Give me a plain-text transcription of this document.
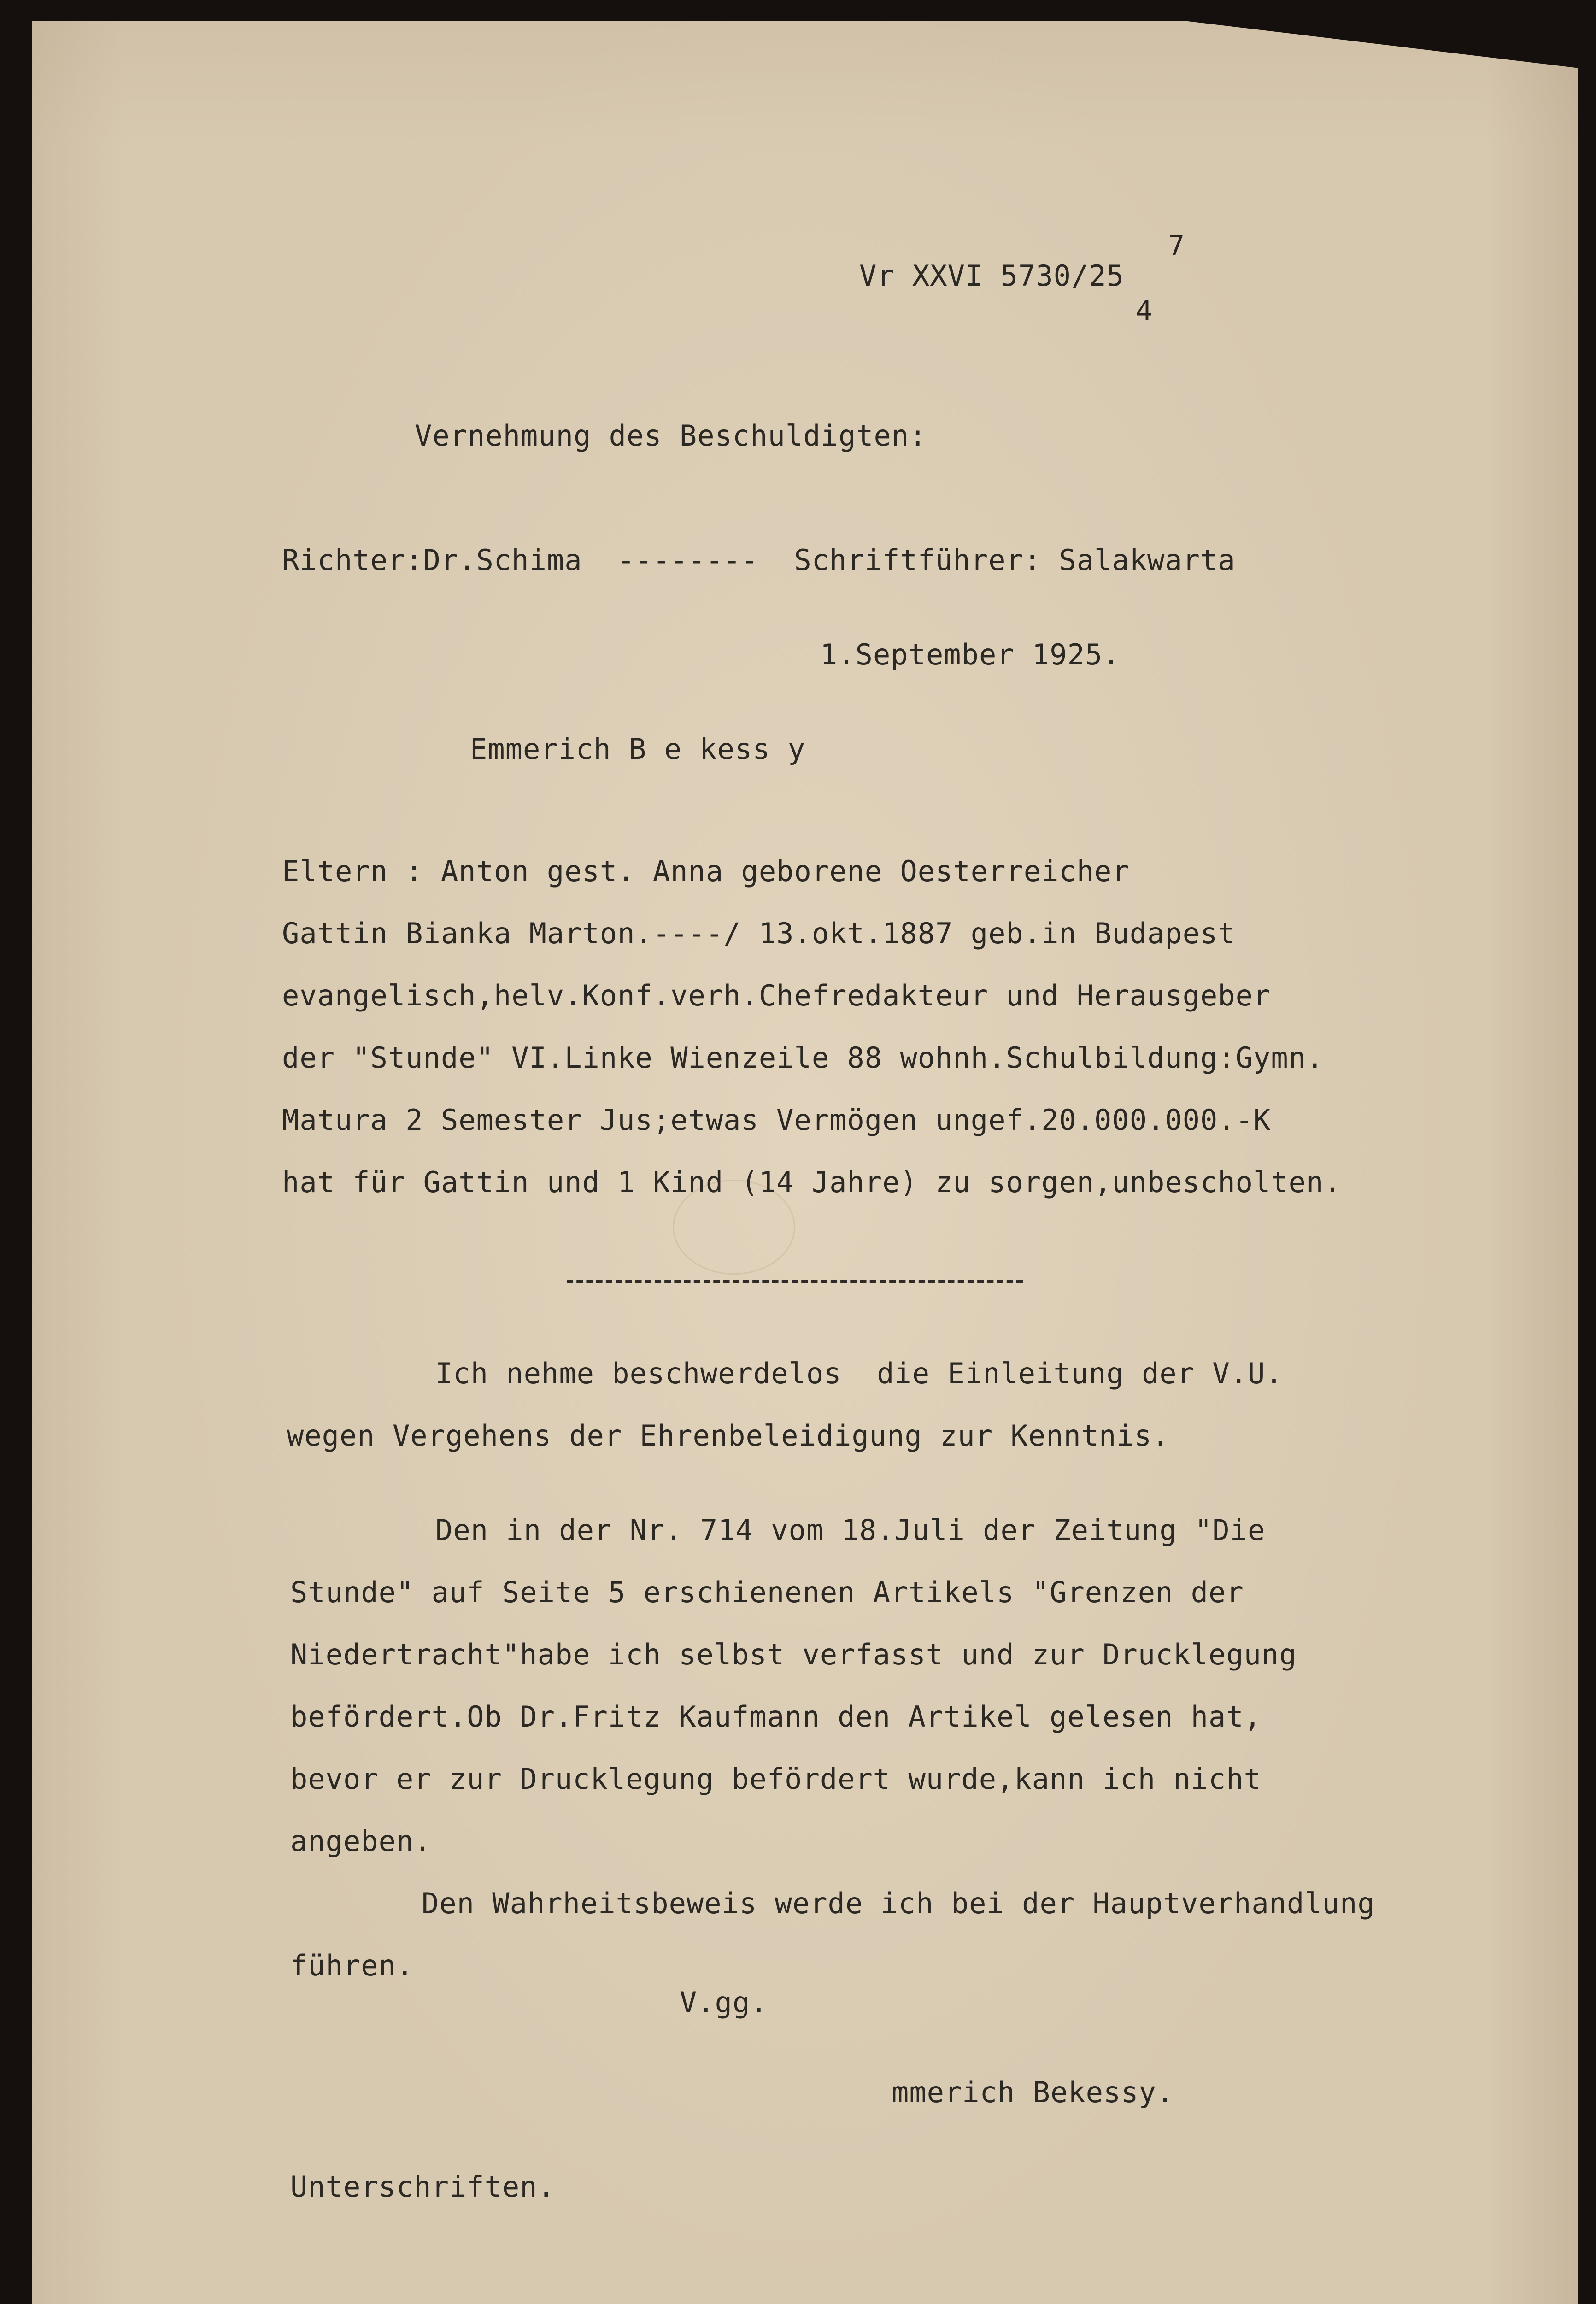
Vr XXVI 5730/25
7
4
Vernehmung des Beschuldigten:
Richter:Dr.Schima  --------  Schriftführer: Salakwarta
1.September 1925.
Emmerich B e kess y
Eltern : Anton gest. Anna geborene Oesterreicher
Gattin Bianka Marton.----/ 13.okt.1887 geb.in Budapest
evangelisch,helv.Konf.verh.Chefredakteur und Herausgeber
der "Stunde" VI.Linke Wienzeile 88 wohnh.Schulbildung:Gymn.
Matura 2 Semester Jus;etwas Vermögen ungef.20.000.000.-K
hat für Gattin und 1 Kind (14 Jahre) zu sorgen,unbescholten.
Ich nehme beschwerdelos  die Einleitung der V.U.
wegen Vergehens der Ehrenbeleidigung zur Kenntnis.
Den in der Nr. 714 vom 18.Juli der Zeitung "Die
Stunde" auf Seite 5 erschienenen Artikels "Grenzen der
Niedertracht"habe ich selbst verfasst und zur Drucklegung
befördert.Ob Dr.Fritz Kaufmann den Artikel gelesen hat,
bevor er zur Drucklegung befördert wurde,kann ich nicht
angeben.
Den Wahrheitsbeweis werde ich bei der Hauptverhandlung
führen.
V.gg.
mmerich Bekessy.
Unterschriften.
